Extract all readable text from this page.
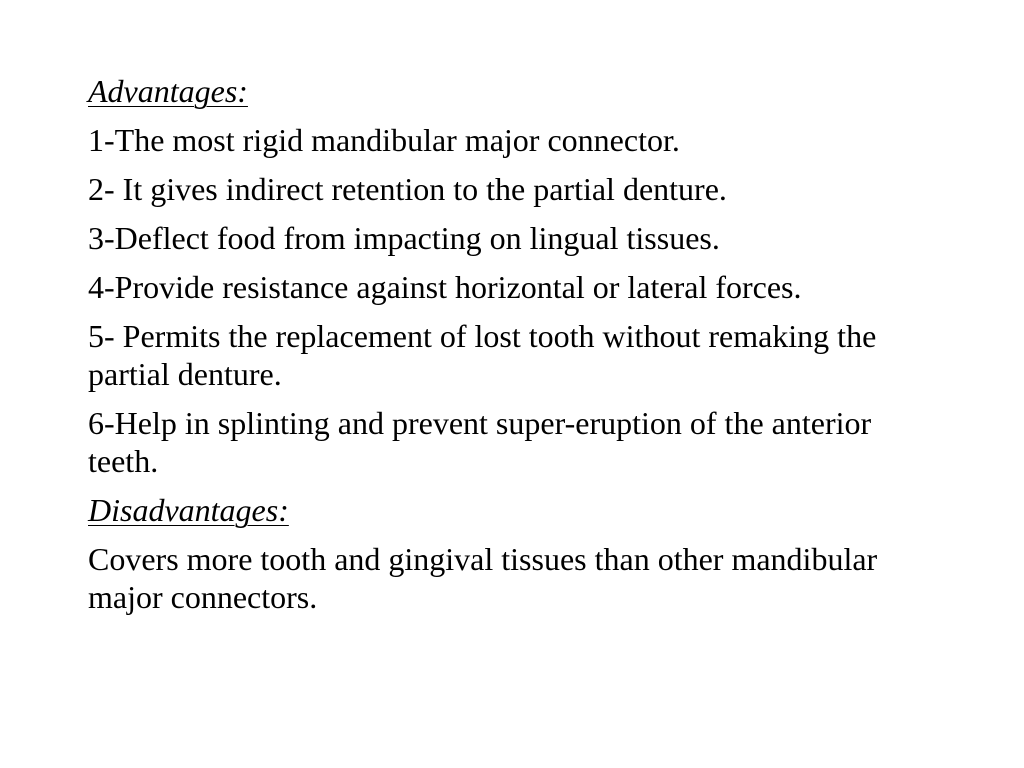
Advantages:

1-The most rigid mandibular major connector.

2- It gives indirect retention to the partial denture.

3-Deflect food from impacting on lingual tissues.

4-Provide resistance against horizontal or lateral forces.

5- Permits the replacement of lost tooth without remaking the partial denture.

6-Help in splinting and prevent super-eruption of the anterior teeth.

Disadvantages:

Covers more tooth and gingival tissues than other mandibular major connectors.
